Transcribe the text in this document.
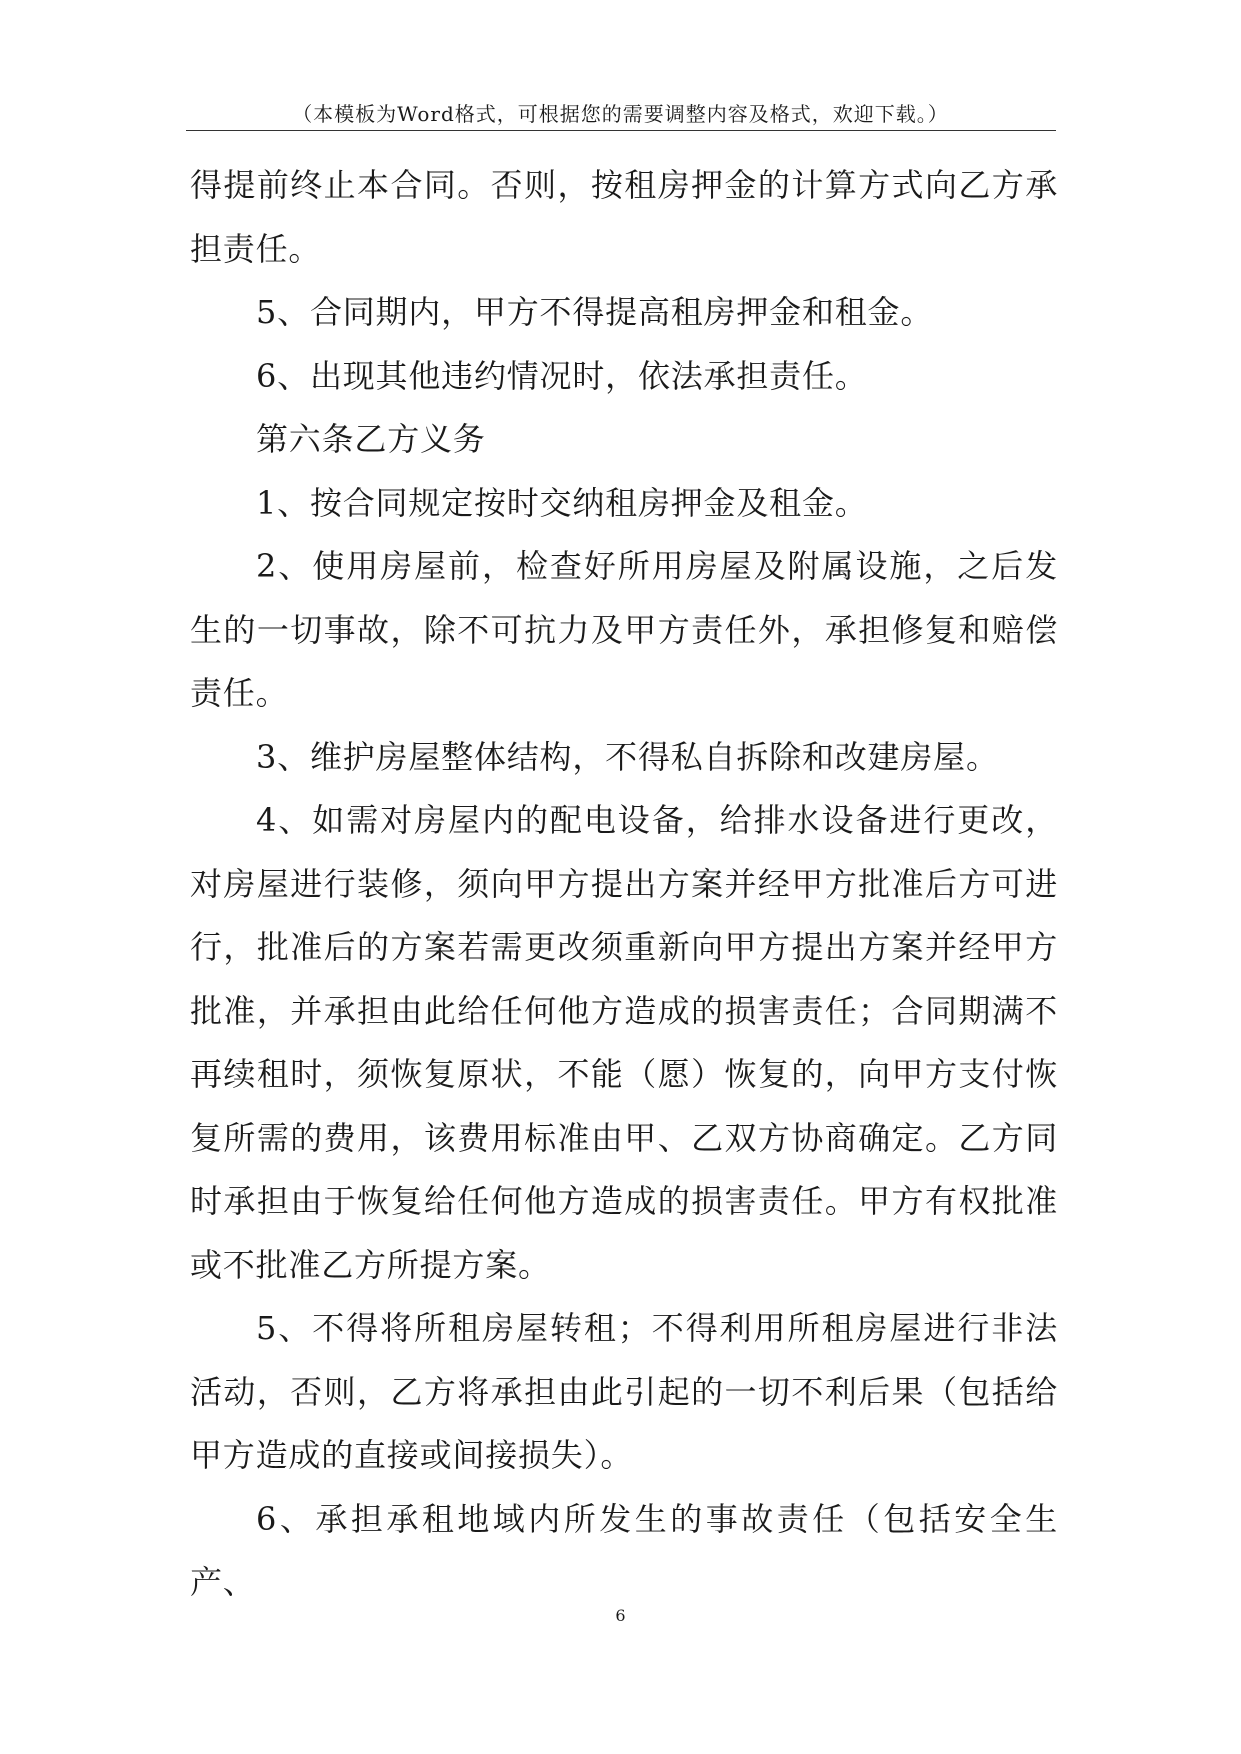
（本模板为Word格式，可根据您的需要调整内容及格式，欢迎下载。）

得提前终止本合同。否则，按租房押金的计算方式向乙方承担责任。

5、合同期内，甲方不得提高租房押金和租金。

6、出现其他违约情况时，依法承担责任。

第六条乙方义务

1、按合同规定按时交纳租房押金及租金。

2、使用房屋前，检查好所用房屋及附属设施，之后发生的一切事故，除不可抗力及甲方责任外，承担修复和赔偿责任。

3、维护房屋整体结构，不得私自拆除和改建房屋。

4、如需对房屋内的配电设备，给排水设备进行更改，对房屋进行装修，须向甲方提出方案并经甲方批准后方可进行，批准后的方案若需更改须重新向甲方提出方案并经甲方批准，并承担由此给任何他方造成的损害责任；合同期满不再续租时，须恢复原状，不能（愿）恢复的，向甲方支付恢复所需的费用，该费用标准由甲、乙双方协商确定。乙方同时承担由于恢复给任何他方造成的损害责任。甲方有权批准或不批准乙方所提方案。

5、不得将所租房屋转租；不得利用所租房屋进行非法活动，否则，乙方将承担由此引起的一切不利后果（包括给甲方造成的直接或间接损失）。

6、承担承租地域内所发生的事故责任（包括安全生产、

6
